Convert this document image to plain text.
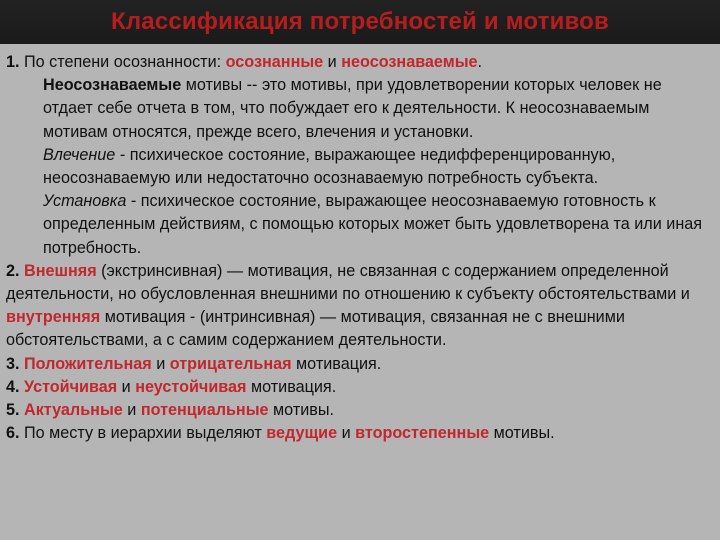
Классификация потребностей и мотивов

1. По степени осознанности: осознанные и неосознаваемые.

Неосознаваемые мотивы -- это мотивы, при удовлетворении которых человек не отдает себе отчета в том, что побуждает его к деятельности. К неосознаваемым мотивам относятся, прежде всего, влечения и установки.

Влечение - психическое состояние, выражающее недифференцированную, неосознаваемую или недостаточно осознаваемую потребность субъекта.

Установка - психическое состояние, выражающее неосознаваемую готовность к определенным действиям, с помощью которых может быть удовлетворена та или иная потребность.

2. Внешняя (экстринсивная) — мотивация, не связанная с содержанием определенной деятельности, но обусловленная внешними по отношению к субъекту обстоятельствами и внутренняя мотивация - (интринсивная) — мотивация, связанная не с внешними обстоятельствами, а с самим содержанием деятельности.

3. Положительная и отрицательная мотивация.

4. Устойчивая и неустойчивая мотивация.

5. Актуальные и потенциальные мотивы.

6. По месту в иерархии выделяют ведущие и второстепенные мотивы.
